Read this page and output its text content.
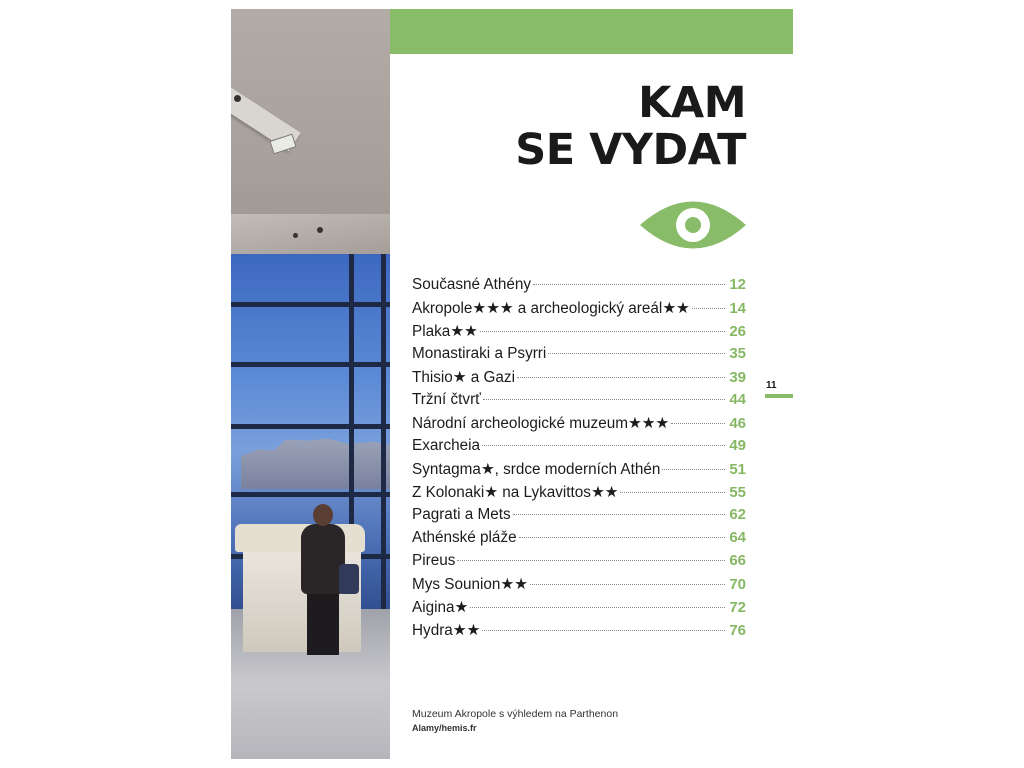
KAM
SE VYDAT
Současné Athény	12
Akropole★★★ a archeologický areál★★	14
Plaka★★	26
Monastiraki a Psyrri	35
Thisio★ a Gazi	39
Tržní čtvrť	44
Národní archeologické muzeum★★★	46
Exarcheia	49
Syntagma★, srdce moderních Athén	51
Z Kolonaki★ na Lykavittos★★	55
Pagrati a Mets	62
Athénské pláže	64
Pireus	66
Mys Sounion★★	70
Aigina★	72
Hydra★★	76
11
Muzeum Akropole s výhledem na Parthenon
Alamy/hemis.fr
